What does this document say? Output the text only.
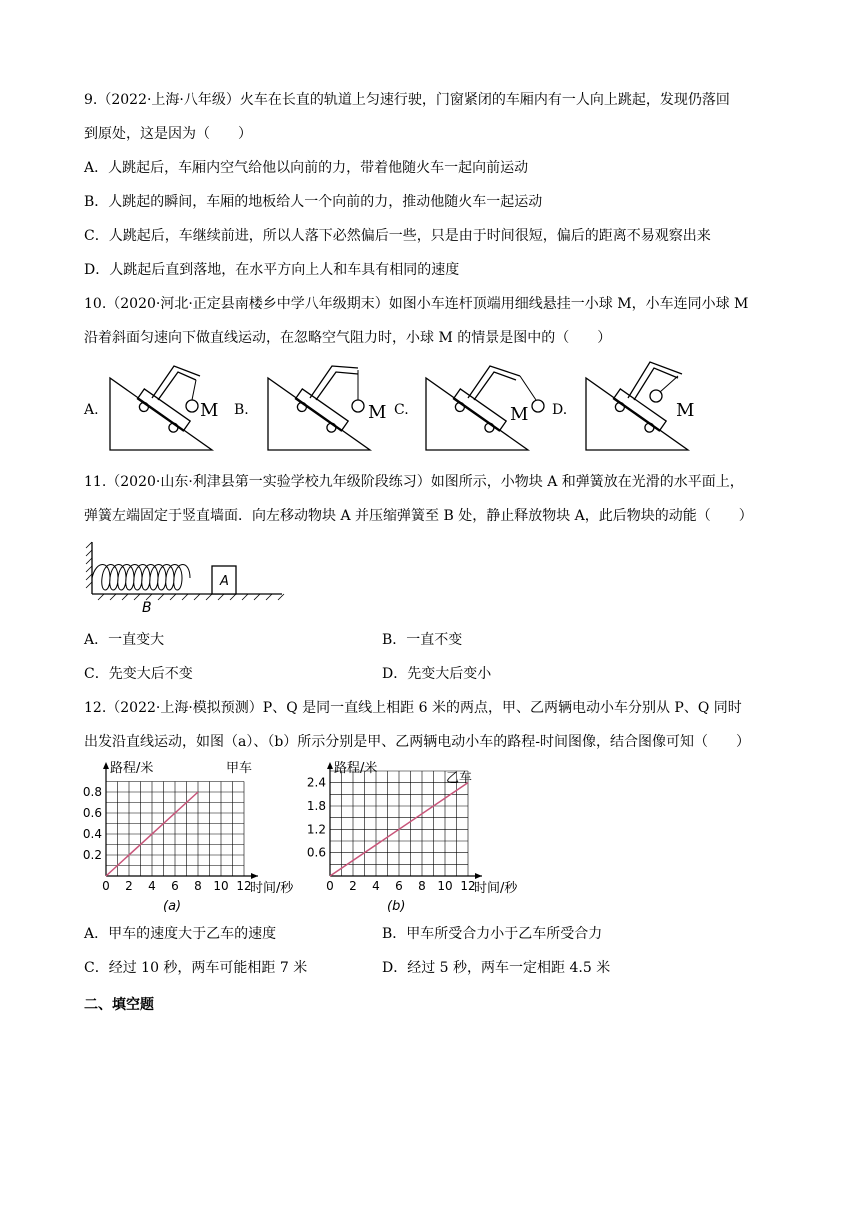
9.（2022·上海·八年级）火车在长直的轨道上匀速行驶，门窗紧闭的车厢内有一人向上跳起，发现仍落回
到原处，这是因为（　　）
A．人跳起后，车厢内空气给他以向前的力，带着他随火车一起向前运动
B．人跳起的瞬间，车厢的地板给人一个向前的力，推动他随火车一起运动
C．人跳起后，车继续前进，所以人落下必然偏后一些，只是由于时间很短，偏后的距离不易观察出来
D．人跳起后直到落地，在水平方向上人和车具有相同的速度
10.（2020·河北·正定县南楼乡中学八年级期末）如图小车连杆顶端用细线悬挂一小球 M，小车连同小球 M
沿着斜面匀速向下做直线运动，在忽略空气阻力时，小球 M 的情景是图中的（　　）
A.	B.	C.	D.
M	M	M	M
11.（2020·山东·利津县第一实验学校九年级阶段练习）如图所示，小物块 A 和弹簧放在光滑的水平面上，
弹簧左端固定于竖直墙面．向左移动物块 A 并压缩弹簧至 B 处，静止释放物块 A，此后物块的动能（　　）
A
B
A．一直变大	B．一直不变
C．先变大后不变	D．先变大后变小
12.（2022·上海·模拟预测）P、Q 是同一直线上相距 6 米的两点，甲、乙两辆电动小车分别从 P、Q 同时
出发沿直线运动，如图（a）、（b）所示分别是甲、乙两辆电动小车的路程-时间图像，结合图像可知（　　）
0 2 4 6 8 10 12
0.2
0.4
0.6
0.8
路程/米
时间/秒
甲车
(a)
0 2 4 6 8 10 12
0.6
1.2
1.8
2.4
路程/米
时间/秒
乙车
(b)
A．甲车的速度大于乙车的速度	B．甲车所受合力小于乙车所受合力
C．经过 10 秒，两车可能相距 7 米	D．经过 5 秒，两车一定相距 4.5 米
二、填空题
